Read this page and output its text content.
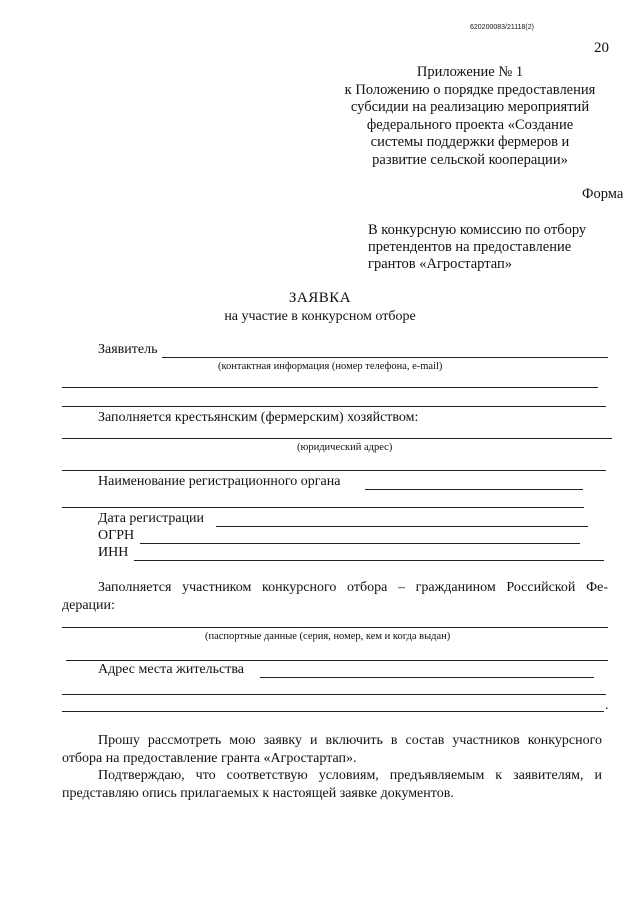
620200083/21118(2)
20
Приложение № 1
к Положению о порядке предоставления
субсидии на реализацию мероприятий
федерального проекта «Создание
системы поддержки фермеров и
развитие сельской кооперации»
Форма
В конкурсную комиссию по отбору
претендентов на предоставление
грантов «Агростартап»
ЗАЯВКА
на участие в конкурсном отборе
Заявитель
(контактная информация (номер телефона, e-mail)
Заполняется крестьянским (фермерским) хозяйством:
(юридический адрес)
Наименование регистрационного органа
Дата регистрации
ОГРН
ИНН
Заполняется участником конкурсного отбора – гражданином Российской Фе-
дерации:
(паспортные данные (серия, номер, кем и когда выдан)
Адрес места жительства
.
Прошу рассмотреть мою заявку и включить в состав участников конкурсного
отбора на предоставление гранта «Агростартап».
Подтверждаю, что соответствую условиям, предъявляемым к заявителям, и
представляю опись прилагаемых к настоящей заявке документов.
